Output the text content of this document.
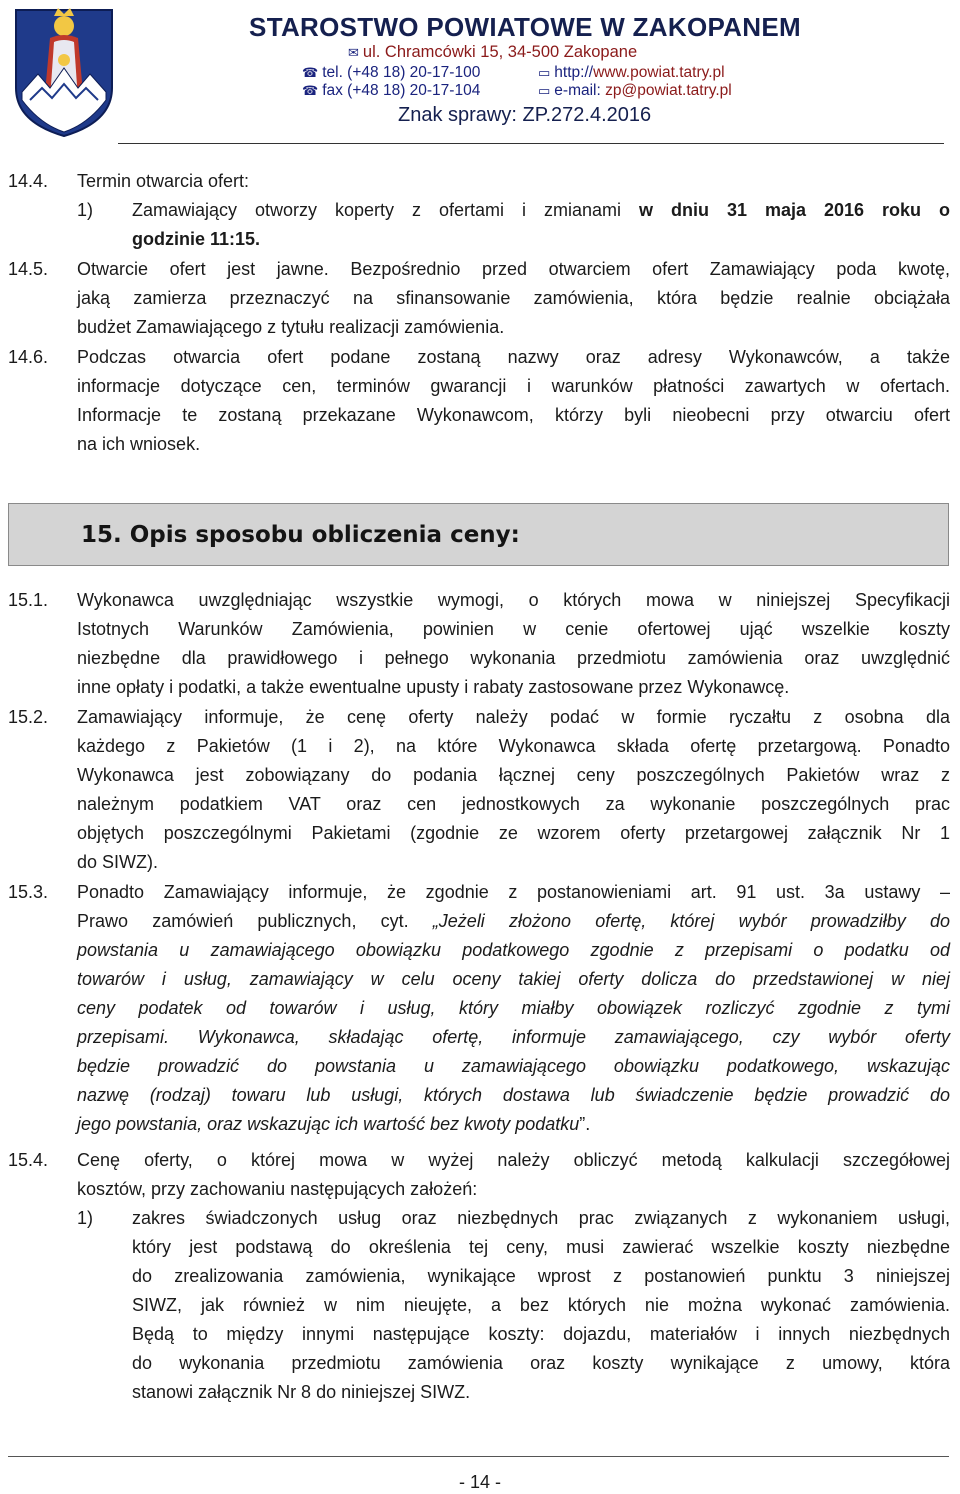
STAROSTWO POWIATOWE W ZAKOPANEM
✉ ul. Chramcówki 15, 34-500 Zakopane
☎ tel. (+48 18) 20-17-100
☎ fax (+48 18) 20-17-104
▭ http://www.powiat.tatry.pl
▭ e-mail: zp@powiat.tatry.pl
Znak sprawy: ZP.272.4.2016
14.4. Termin otwarcia ofert:
1) Zamawiający otworzy koperty z ofertami i zmianami w dniu 31 maja 2016 roku o
godzinie 11:15.
14.5. Otwarcie ofert jest jawne. Bezpośrednio przed otwarciem ofert Zamawiający poda kwotę,
jaką zamierza przeznaczyć na sfinansowanie zamówienia, która będzie realnie obciążała
budżet Zamawiającego z tytułu realizacji zamówienia.
14.6. Podczas otwarcia ofert podane zostaną nazwy oraz adresy Wykonawców, a także
informacje dotyczące cen, terminów gwarancji i warunków płatności zawartych w ofertach.
Informacje te zostaną przekazane Wykonawcom, którzy byli nieobecni przy otwarciu ofert
na ich wniosek.
15. Opis sposobu obliczenia ceny:
15.1. Wykonawca uwzględniając wszystkie wymogi, o których mowa w niniejszej Specyfikacji
Istotnych Warunków Zamówienia, powinien w cenie ofertowej ująć wszelkie koszty
niezbędne dla prawidłowego i pełnego wykonania przedmiotu zamówienia oraz uwzględnić
inne opłaty i podatki, a także ewentualne upusty i rabaty zastosowane przez Wykonawcę.
15.2. Zamawiający informuje, że cenę oferty należy podać w formie ryczałtu z osobna dla
każdego z Pakietów (1 i 2), na które Wykonawca składa ofertę przetargową. Ponadto
Wykonawca jest zobowiązany do podania łącznej ceny poszczególnych Pakietów wraz z
należnym podatkiem VAT oraz cen jednostkowych za wykonanie poszczególnych prac
objętych poszczególnymi Pakietami (zgodnie ze wzorem oferty przetargowej załącznik Nr 1
do SIWZ).
15.3. Ponadto Zamawiający informuje, że zgodnie z postanowieniami art. 91 ust. 3a ustawy –
Prawo zamówień publicznych, cyt. „Jeżeli złożono ofertę, której wybór prowadziłby do
powstania u zamawiającego obowiązku podatkowego zgodnie z przepisami o podatku od
towarów i usług, zamawiający w celu oceny takiej oferty dolicza do przedstawionej w niej
ceny podatek od towarów i usług, który miałby obowiązek rozliczyć zgodnie z tymi
przepisami. Wykonawca, składając ofertę, informuje zamawiającego, czy wybór oferty
będzie prowadzić do powstania u zamawiającego obowiązku podatkowego, wskazując
nazwę (rodzaj) towaru lub usługi, których dostawa lub świadczenie będzie prowadzić do
jego powstania, oraz wskazując ich wartość bez kwoty podatku”.
15.4. Cenę oferty, o której mowa w wyżej należy obliczyć metodą kalkulacji szczegółowej
kosztów, przy zachowaniu następujących założeń:
1) zakres świadczonych usług oraz niezbędnych prac związanych z wykonaniem usługi,
który jest podstawą do określenia tej ceny, musi zawierać wszelkie koszty niezbędne
do zrealizowania zamówienia, wynikające wprost z postanowień punktu 3 niniejszej
SIWZ, jak również w nim nieujęte, a bez których nie można wykonać zamówienia.
Będą to między innymi następujące koszty: dojazdu, materiałów i innych niezbędnych
do wykonania przedmiotu zamówienia oraz koszty wynikające z umowy, która
stanowi załącznik Nr 8 do niniejszej SIWZ.
- 14 -
